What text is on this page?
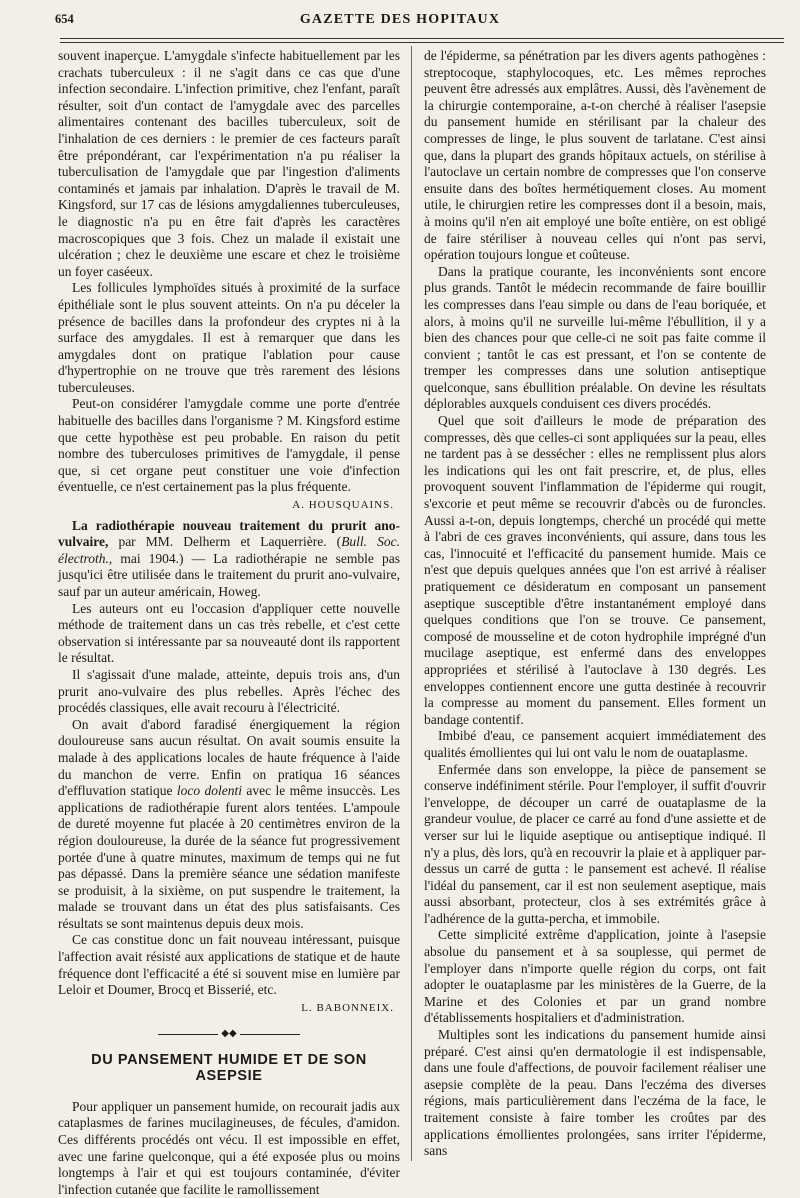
654	GAZETTE DES HOPITAUX

souvent inaperçue. L'amygdale s'infecte habituellement par les crachats tuberculeux : il ne s'agit dans ce cas que d'une infection secondaire. L'infection primitive, chez l'enfant, paraît résulter, soit d'un contact de l'amygdale avec des parcelles alimentaires contenant des bacilles tuberculeux, soit de l'inhalation de ces derniers : le premier de ces facteurs paraît être prépondérant, car l'expérimentation n'a pu réaliser la tuberculisation de l'amygdale que par l'ingestion d'aliments contaminés et jamais par inhalation. D'après le travail de M. Kingsford, sur 17 cas de lésions amygdaliennes tuberculeuses, le diagnostic n'a pu en être fait d'après les caractères macroscopiques que 3 fois. Chez un malade il existait une ulcération ; chez le deuxième une escare et chez le troisième un foyer caséeux.

Les follicules lymphoïdes situés à proximité de la surface épithéliale sont le plus souvent atteints. On n'a pu déceler la présence de bacilles dans la profondeur des cryptes ni à la surface des amygdales. Il est à remarquer que dans les amygdales dont on pratique l'ablation pour cause d'hypertrophie on ne trouve que très rarement des lésions tuberculeuses.

Peut-on considérer l'amygdale comme une porte d'entrée habituelle des bacilles dans l'organisme ? M. Kingsford estime que cette hypothèse est peu probable. En raison du petit nombre des tuberculoses primitives de l'amygdale, il pense que, si cet organe peut constituer une voie d'infection éventuelle, ce n'est certainement pas la plus fréquente.

A. HOUSQUAINS.

La radiothérapie nouveau traitement du prurit ano-vulvaire, par MM. Delherm et Laquerrière. (Bull. Soc. électroth., mai 1904.) — La radiothérapie ne semble pas jusqu'ici être utilisée dans le traitement du prurit ano-vulvaire, sauf par un auteur américain, Howeg.

Les auteurs ont eu l'occasion d'appliquer cette nouvelle méthode de traitement dans un cas très rebelle, et c'est cette observation si intéressante par sa nouveauté dont ils rapportent le résultat.

Il s'agissait d'une malade, atteinte, depuis trois ans, d'un prurit ano-vulvaire des plus rebelles. Après l'échec des procédés classiques, elle avait recouru à l'électricité.

On avait d'abord faradisé énergiquement la région douloureuse sans aucun résultat. On avait soumis ensuite la malade à des applications locales de haute fréquence à l'aide du manchon de verre. Enfin on pratiqua 16 séances d'effluvation statique loco dolenti avec le même insuccès. Les applications de radiothérapie furent alors tentées. L'ampoule de dureté moyenne fut placée à 20 centimètres environ de la région douloureuse, la durée de la séance fut progressivement portée d'une à quatre minutes, maximum de temps qui ne fut pas dépassé. Dans la première séance une sédation manifeste se produisit, à la sixième, on put suspendre le traitement, la malade se trouvant dans un état des plus satisfaisants. Ces résultats se sont maintenus depuis deux mois.

Ce cas constitue donc un fait nouveau intéressant, puisque l'affection avait résisté aux applications de statique et de haute fréquence dont l'efficacité a été si souvent mise en lumière par Leloir et Doumer, Brocq et Bisserié, etc.

L. BABONNEIX.
◆◆
DU PANSEMENT HUMIDE ET DE SON ASEPSIE

Pour appliquer un pansement humide, on recourait jadis aux cataplasmes de farines mucilagineuses, de fécules, d'amidon. Ces différents procédés ont vécu. Il est impossible en effet, avec une farine quelconque, qui a été exposée plus ou moins longtemps à l'air et qui est toujours contaminée, d'éviter l'infection cutanée que facilite le ramollissement

de l'épiderme, sa pénétration par les divers agents pathogènes : streptocoque, staphylocoques, etc. Les mêmes reproches peuvent être adressés aux emplâtres. Aussi, dès l'avènement de la chirurgie contemporaine, a-t-on cherché à réaliser l'asepsie du pansement humide en stérilisant par la chaleur des compresses de linge, le plus souvent de tarlatane. C'est ainsi que, dans la plupart des grands hôpitaux actuels, on stérilise à l'autoclave un certain nombre de compresses que l'on conserve ensuite dans des boîtes hermétiquement closes. Au moment utile, le chirurgien retire les compresses dont il a besoin, mais, à moins qu'il n'en ait employé une boîte entière, on est obligé de faire stériliser à nouveau celles qui n'ont pas servi, opération toujours longue et coûteuse.

Dans la pratique courante, les inconvénients sont encore plus grands. Tantôt le médecin recommande de faire bouillir les compresses dans l'eau simple ou dans de l'eau boriquée, et alors, à moins qu'il ne surveille lui-même l'ébullition, il y a bien des chances pour que celle-ci ne soit pas faite comme il convient ; tantôt le cas est pressant, et l'on se contente de tremper les compresses dans une solution antiseptique quelconque, sans ébullition préalable. On devine les résultats déplorables auxquels conduisent ces divers procédés.

Quel que soit d'ailleurs le mode de préparation des compresses, dès que celles-ci sont appliquées sur la peau, elles ne tardent pas à se dessécher : elles ne remplissent plus alors les indications qui les ont fait prescrire, et, de plus, elles provoquent souvent l'inflammation de l'épiderme qui rougit, s'excorie et peut même se recouvrir d'abcès ou de furoncles. Aussi a-t-on, depuis longtemps, cherché un procédé qui mette à l'abri de ces graves inconvénients, qui assure, dans tous les cas, l'innocuité et l'efficacité du pansement humide. Mais ce n'est que depuis quelques années que l'on est arrivé à réaliser pratiquement ce désideratum en composant un pansement aseptique susceptible d'être instantanément employé dans quelques conditions que l'on se trouve. Ce pansement, composé de mousseline et de coton hydrophile imprégné d'un mucilage aseptique, est enfermé dans des enveloppes appropriées et stérilisé à l'autoclave à 130 degrés. Les enveloppes contiennent encore une gutta destinée à recouvrir la compresse au moment du pansement. Elles forment un bandage contentif.

Imbibé d'eau, ce pansement acquiert immédiatement des qualités émollientes qui lui ont valu le nom de ouataplasme.

Enfermée dans son enveloppe, la pièce de pansement se conserve indéfiniment stérile. Pour l'employer, il suffit d'ouvrir l'enveloppe, de découper un carré de ouataplasme de la grandeur voulue, de placer ce carré au fond d'une assiette et de verser sur lui le liquide aseptique ou antiseptique indiqué. Il n'y a plus, dès lors, qu'à en recouvrir la plaie et à appliquer par-dessus un carré de gutta : le pansement est achevé. Il réalise l'idéal du pansement, car il est non seulement aseptique, mais aussi absorbant, protecteur, clos à ses extrémités grâce à l'adhérence de la gutta-percha, et immobile.

Cette simplicité extrême d'application, jointe à l'asepsie absolue du pansement et à sa souplesse, qui permet de l'employer dans n'importe quelle région du corps, ont fait adopter le ouataplasme par les ministères de la Guerre, de la Marine et des Colonies et par un grand nombre d'établissements hospitaliers et d'administration.

Multiples sont les indications du pansement humide ainsi préparé. C'est ainsi qu'en dermatologie il est indispensable, dans une foule d'affections, de pouvoir facilement réaliser une asepsie complète de la peau. Dans l'eczéma des diverses régions, mais particulièrement dans l'eczéma de la face, le traitement consiste à faire tomber les croûtes par des applications émollientes prolongées, sans irriter l'épiderme, sans
